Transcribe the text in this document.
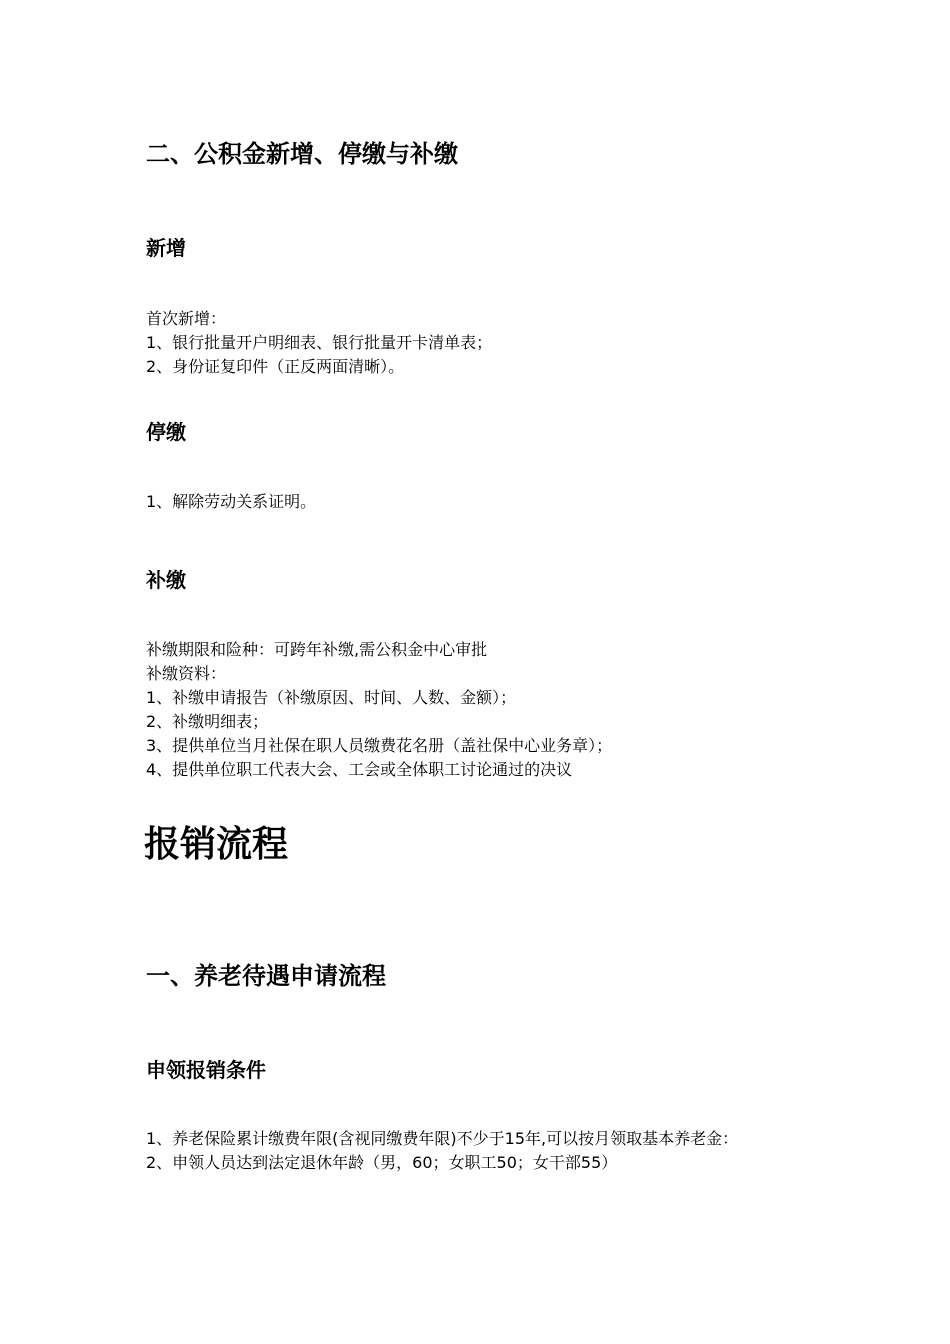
二、公积金新增、停缴与补缴
新增
首次新增：
1、银行批量开户明细表、银行批量开卡清单表；
2、身份证复印件（正反两面清晰）。
停缴
1、解除劳动关系证明。
补缴
补缴期限和险种：可跨年补缴,需公积金中心审批
补缴资料：
1、补缴申请报告（补缴原因、时间、人数、金额）；
2、补缴明细表；
3、提供单位当月社保在职人员缴费花名册（盖社保中心业务章）；
4、提供单位职工代表大会、工会或全体职工讨论通过的决议
报销流程
一、养老待遇申请流程
申领报销条件
1、养老保险累计缴费年限(含视同缴费年限)不少于15年,可以按月领取基本养老金：
2、申领人员达到法定退休年龄（男，60；女职工50；女干部55）
